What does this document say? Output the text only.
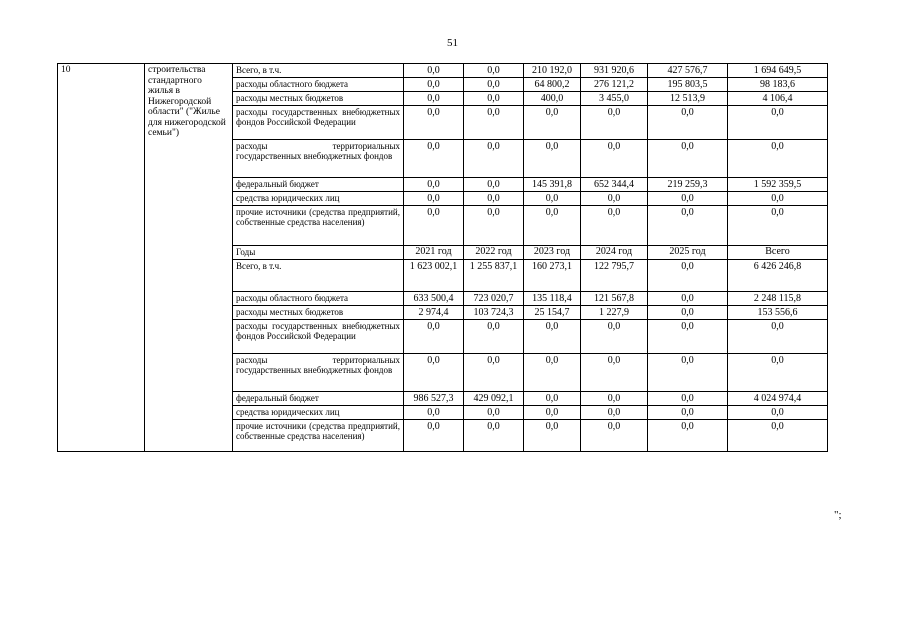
51
10	строительства стандартного жилья в Нижегородской области" ("Жилье для нижегородской семьи")	Всего, в т.ч.	0,0	0,0	210 192,0	931 920,6	427 576,7	1 694 649,5
		расходы областного бюджета	0,0	0,0	64 800,2	276 121,2	195 803,5	98 183,6
		расходы местных бюджетов	0,0	0,0	400,0	3 455,0	12 513,9	4 106,4
		расходы государственных внебюджетных фондов Российской Федерации	0,0	0,0	0,0	0,0	0,0	0,0
		расходы территориальных государственных внебюджетных фондов	0,0	0,0	0,0	0,0	0,0	0,0
		федеральный бюджет	0,0	0,0	145 391,8	652 344,4	219 259,3	1 592 359,5
		средства юридических лиц	0,0	0,0	0,0	0,0	0,0	0,0
		прочие источники (средства предприятий, собственные средства населения)	0,0	0,0	0,0	0,0	0,0	0,0
		Годы	2021 год	2022 год	2023 год	2024 год	2025 год	Всего
		Всего, в т.ч.	1 623 002,1	1 255 837,1	160 273,1	122 795,7	0,0	6 426 246,8
		расходы областного бюджета	633 500,4	723 020,7	135 118,4	121 567,8	0,0	2 248 115,8
		расходы местных бюджетов	2 974,4	103 724,3	25 154,7	1 227,9	0,0	153 556,6
		расходы государственных внебюджетных фондов Российской Федерации	0,0	0,0	0,0	0,0	0,0	0,0
		расходы территориальных государственных внебюджетных фондов	0,0	0,0	0,0	0,0	0,0	0,0
		федеральный бюджет	986 527,3	429 092,1	0,0	0,0	0,0	4 024 974,4
		средства юридических лиц	0,0	0,0	0,0	0,0	0,0	0,0
		прочие источники (средства предприятий, собственные средства населения)	0,0	0,0	0,0	0,0	0,0	0,0
";
